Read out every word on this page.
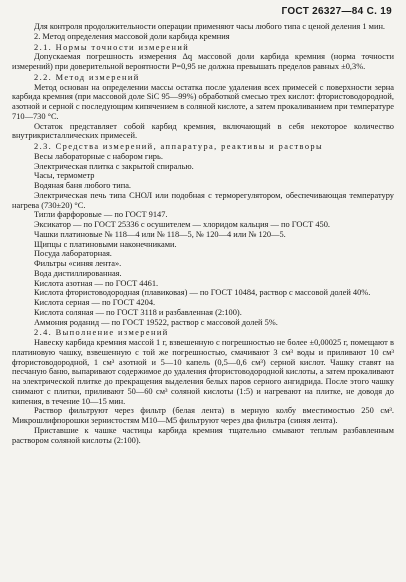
ГОСТ 26327—84 С. 19

Для контроля продолжительности операции применяют часы любого типа с ценой деления 1 мин.

2. Метод определения массовой доли карбида кремния

2.1. Нормы точности измерений

Допускаемая погрешность измерения Δq массовой доли карбида кремния (норма точности измерений) при доверительной вероятности P=0,95 не должна превышать пределов равных ±0,3%.

2.2. Метод измерений

Метод основан на определении массы остатка после удаления всех примесей с поверхности зерна карбида кремния (при массовой доле SiC 95—99%) обработкой смесью трех кислот: фтористоводородной, азотной и серной с последующим кипячением в соляной кислоте, а затем прокаливанием при температуре 710—730 °С.

Остаток представляет собой карбид кремния, включающий в себя некоторое количество внутрикристаллических примесей.

2.3. Средства измерений, аппаратура, реактивы и растворы

Весы лабораторные с набором гирь.

Электрическая плитка с закрытой спиралью.

Часы, термометр

Водяная баня любого типа.

Электрическая печь типа СНОЛ или подобная с терморегулятором, обеспечивающая температуру нагрева (730±20) °С.

Тигли фарфоровые — по ГОСТ 9147.

Эксикатор — по ГОСТ 25336 с осушителем — хлоридом кальция — по ГОСТ 450.

Чашки платиновые № 118—4 или № 118—5, № 120—4 или № 120—5.

Щипцы с платиновыми наконечниками.

Посуда лабораторная.

Фильтры «синяя лента».

Вода дистиллированная.

Кислота азотная — по ГОСТ 4461.

Кислота фтористоводородная (плавиковая) — по ГОСТ 10484, раствор с массовой долей 40%.

Кислота серная — по ГОСТ 4204.

Кислота соляная — по ГОСТ 3118 и разбавленная (2:100).

Аммония роданид — по ГОСТ 19522, раствор с массовой долей 5%.

2.4. Выполнение измерений

Навеску карбида кремния массой 1 г, взвешенную с погрешностью не более ±0,00025 г, помещают в платиновую чашку, взвешенную с той же погрешностью, смачивают 3 см³ воды и приливают 10 см³ фтористоводородной, 1 см³ азотной и 5—10 капель (0,5—0,6 см³) серной кислот. Чашку ставят на песчаную баню, выпаривают содержимое до удаления фтористоводородной кислоты, а затем прокаливают на электрической плитке до прекращения выделения белых паров серного ангидрида. После этого чашку снимают с плитки, приливают 50—60 см³ соляной кислоты (1:5) и нагревают на плитке, не доводя до кипения, в течение 10—15 мин.

Раствор фильтруют через фильтр (белая лента) в мерную колбу вместимостью 250 см³. Микрошлифпорошки зернистостям М10—М5 фильтруют через два фильтра (синяя лента).

Приставшие к чашке частицы карбида кремния тщательно смывают теплым разбавленным раствором соляной кислоты (2:100).
